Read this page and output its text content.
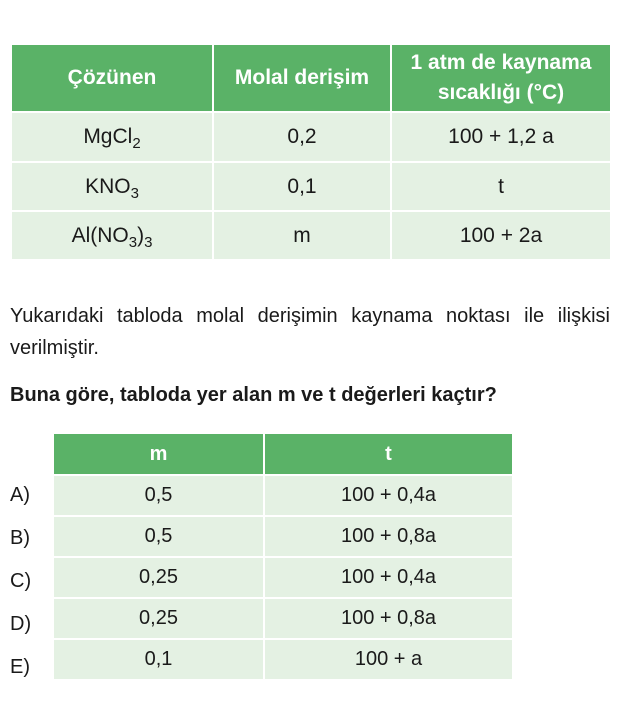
Çözünen	Molal derişim	1 atm de kaynama
sıcaklığı (°C)

MgCl$_2$	0,2	100 + 1,2 a
$KNO_3$	0,1	t
$Al(NO_3)_3$	m	100 + 2a
Yukarıdaki tabloda molal derişimin kaynama noktası ile ilişkisi verilmiştir.
Buna göre, tabloda yer alan m ve t değerleri kaçtır?
A)
B)
C)
D)
E)
m	t
0,5	100 + 0,4a
0,5	100 + 0,8a
0,25	100 + 0,4a
0,25	100 + 0,8a
0,1	100 + a
